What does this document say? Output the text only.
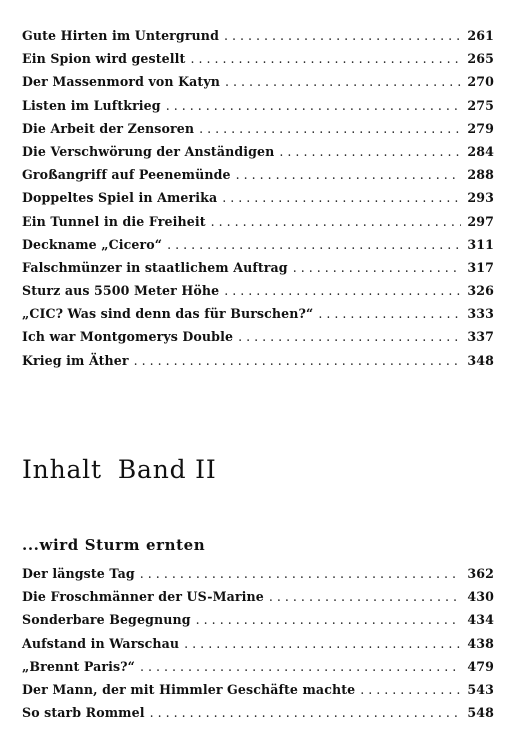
Gute Hirten im Untergrund . . .	261
Ein Spion wird gestellt . . .	265
Der Massenmord von Katyn . . .	270
Listen im Luftkrieg . . .	275
Die Arbeit der Zensoren . . .	279
Die Verschwörung der Anständigen . . .	284
Großangriff auf Peenemünde . . .	288
Doppeltes Spiel in Amerika . . .	293
Ein Tunnel in die Freiheit . . .	297
Deckname „Cicero“ . . .	311
Falschmünzer in staatlichem Auftrag . . .	317
Sturz aus 5500 Meter Höhe . . .	326
„CIC? Was sind denn das für Burschen?“ . . .	333
Ich war Montgomerys Double . . .	337
Krieg im Äther . . .	348
Inhalt Band II
...wird Sturm ernten
Der längste Tag . . .	362
Die Froschmänner der US-Marine . . .	430
Sonderbare Begegnung . . .	434
Aufstand in Warschau . . .	438
„Brennt Paris?“ . . .	479
Der Mann, der mit Himmler Geschäfte machte . . .	543
So starb Rommel . . .	548
